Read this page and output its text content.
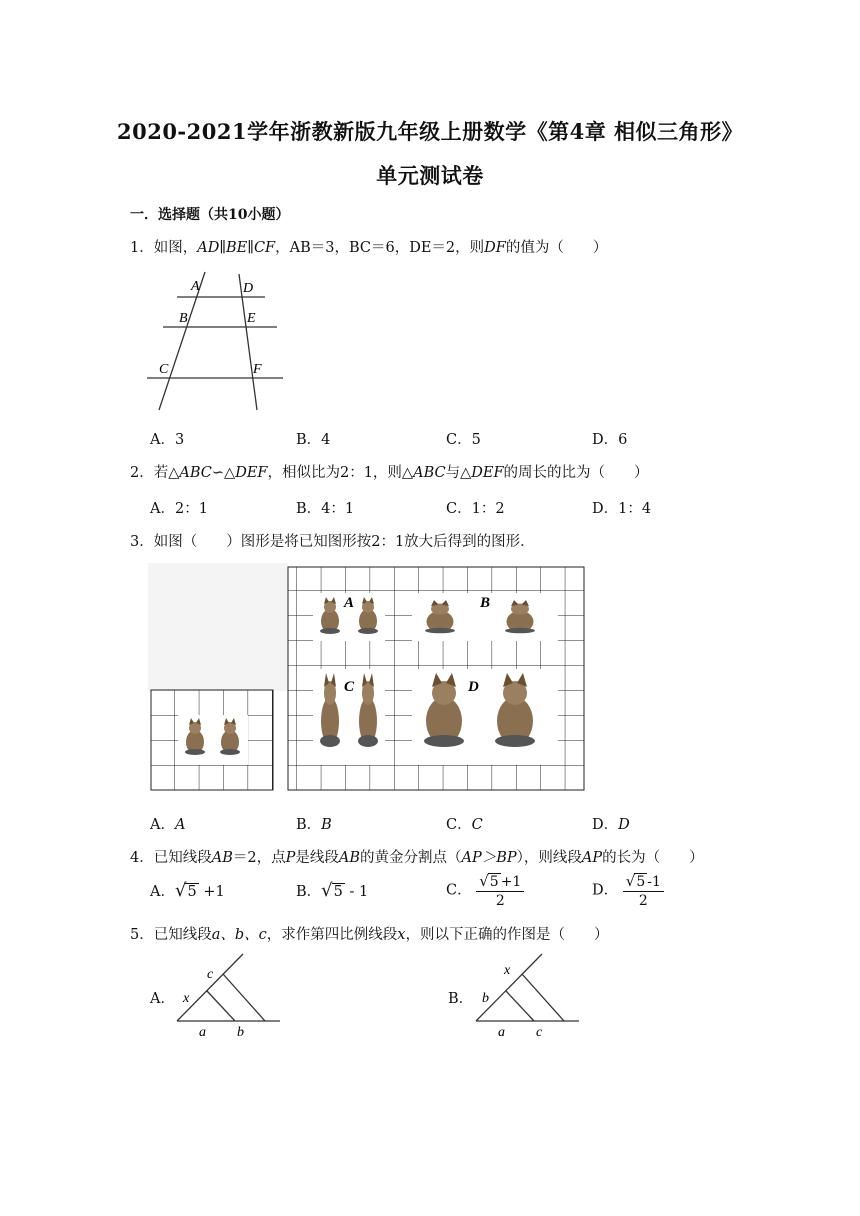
2020-2021学年浙教新版九年级上册数学《第4章 相似三角形》
单元测试卷
一．选择题（共10小题）
1．如图，AD∥BE∥CF，AB＝3，BC＝6，DE＝2，则DF的值为（　　）
A	D
B	E
C	F
A．3	B．4	C．5	D．6
2．若△ABC∽△DEF，相似比为2：1，则△ABC与△DEF的周长的比为（　　）
A．2：1	B．4：1	C．1：2	D．1：4
3．如图（　　）图形是将已知图形按2：1放大后得到的图形．
A	B
C	D
A．A	B．B	C．C	D．D
4．已知线段AB＝2，点P是线段AB的黄金分割点（AP＞BP），则线段AP的长为（　　）
A．√5 +1	B．√5 - 1	C． $\frac{√5 +1}{2}$	D． $\frac{√5 -1}{2}$
5．已知线段a、b、c，求作第四比例线段x，则以下正确的作图是（　　）
A．
c
x
a b
B．
x
b
a c
